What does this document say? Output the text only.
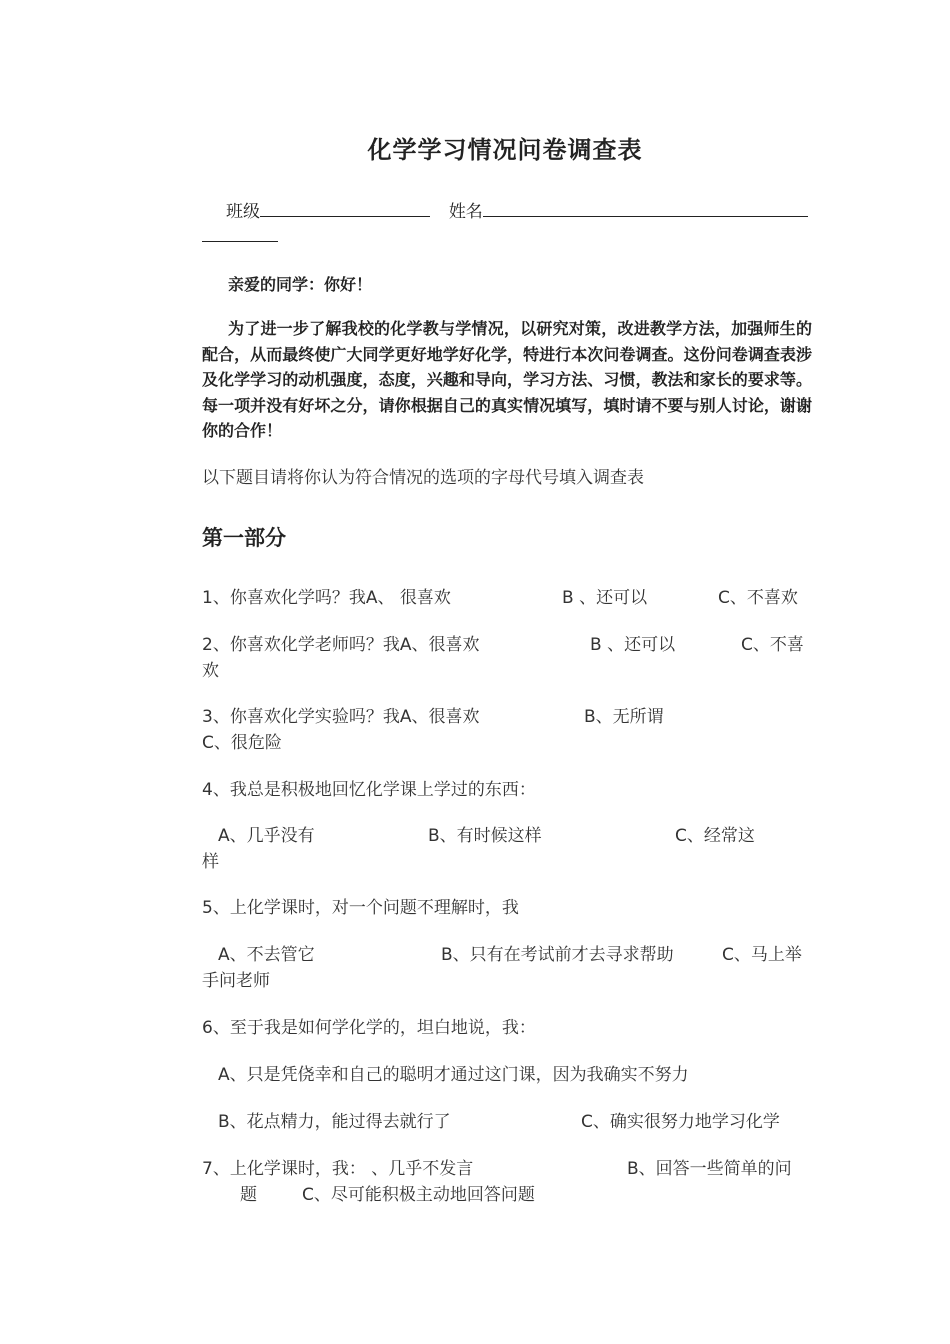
化学学习情况问卷调查表
班级	姓名
亲爱的同学：你好！

为了进一步了解我校的化学教与学情况，以研究对策，改进教学方法，加强师生的配合，从而最终使广大同学更好地学好化学，特进行本次问卷调查。这份问卷调查表涉及化学学习的动机强度，态度，兴趣和导向，学习方法、习惯，教法和家长的要求等。每一项并没有好坏之分，请你根据自己的真实情况填写，填时请不要与别人讨论，谢谢你的合作！

以下题目请将你认为符合情况的选项的字母代号填入调查表
第一部分
1、你喜欢化学吗？我A、 很喜欢	B 、还可以	C、不喜欢
2、你喜欢化学老师吗？我A、很喜欢	B 、还可以	C、不喜
欢
3、你喜欢化学实验吗？我A、很喜欢	B、无所谓
C、很危险
4、我总是积极地回忆化学课上学过的东西：
A、几乎没有	B、有时候这样	C、经常这
样
5、上化学课时，对一个问题不理解时，我
A、不去管它	B、只有在考试前才去寻求帮助	C、马上举
手问老师
6、至于我是如何学化学的，坦白地说，我：
A、只是凭侥幸和自己的聪明才通过这门课，因为我确实不努力
B、花点精力，能过得去就行了	C、确实很努力地学习化学
7、上化学课时，我： 、几乎不发言	B、回答一些简单的问
题	C、尽可能积极主动地回答问题
